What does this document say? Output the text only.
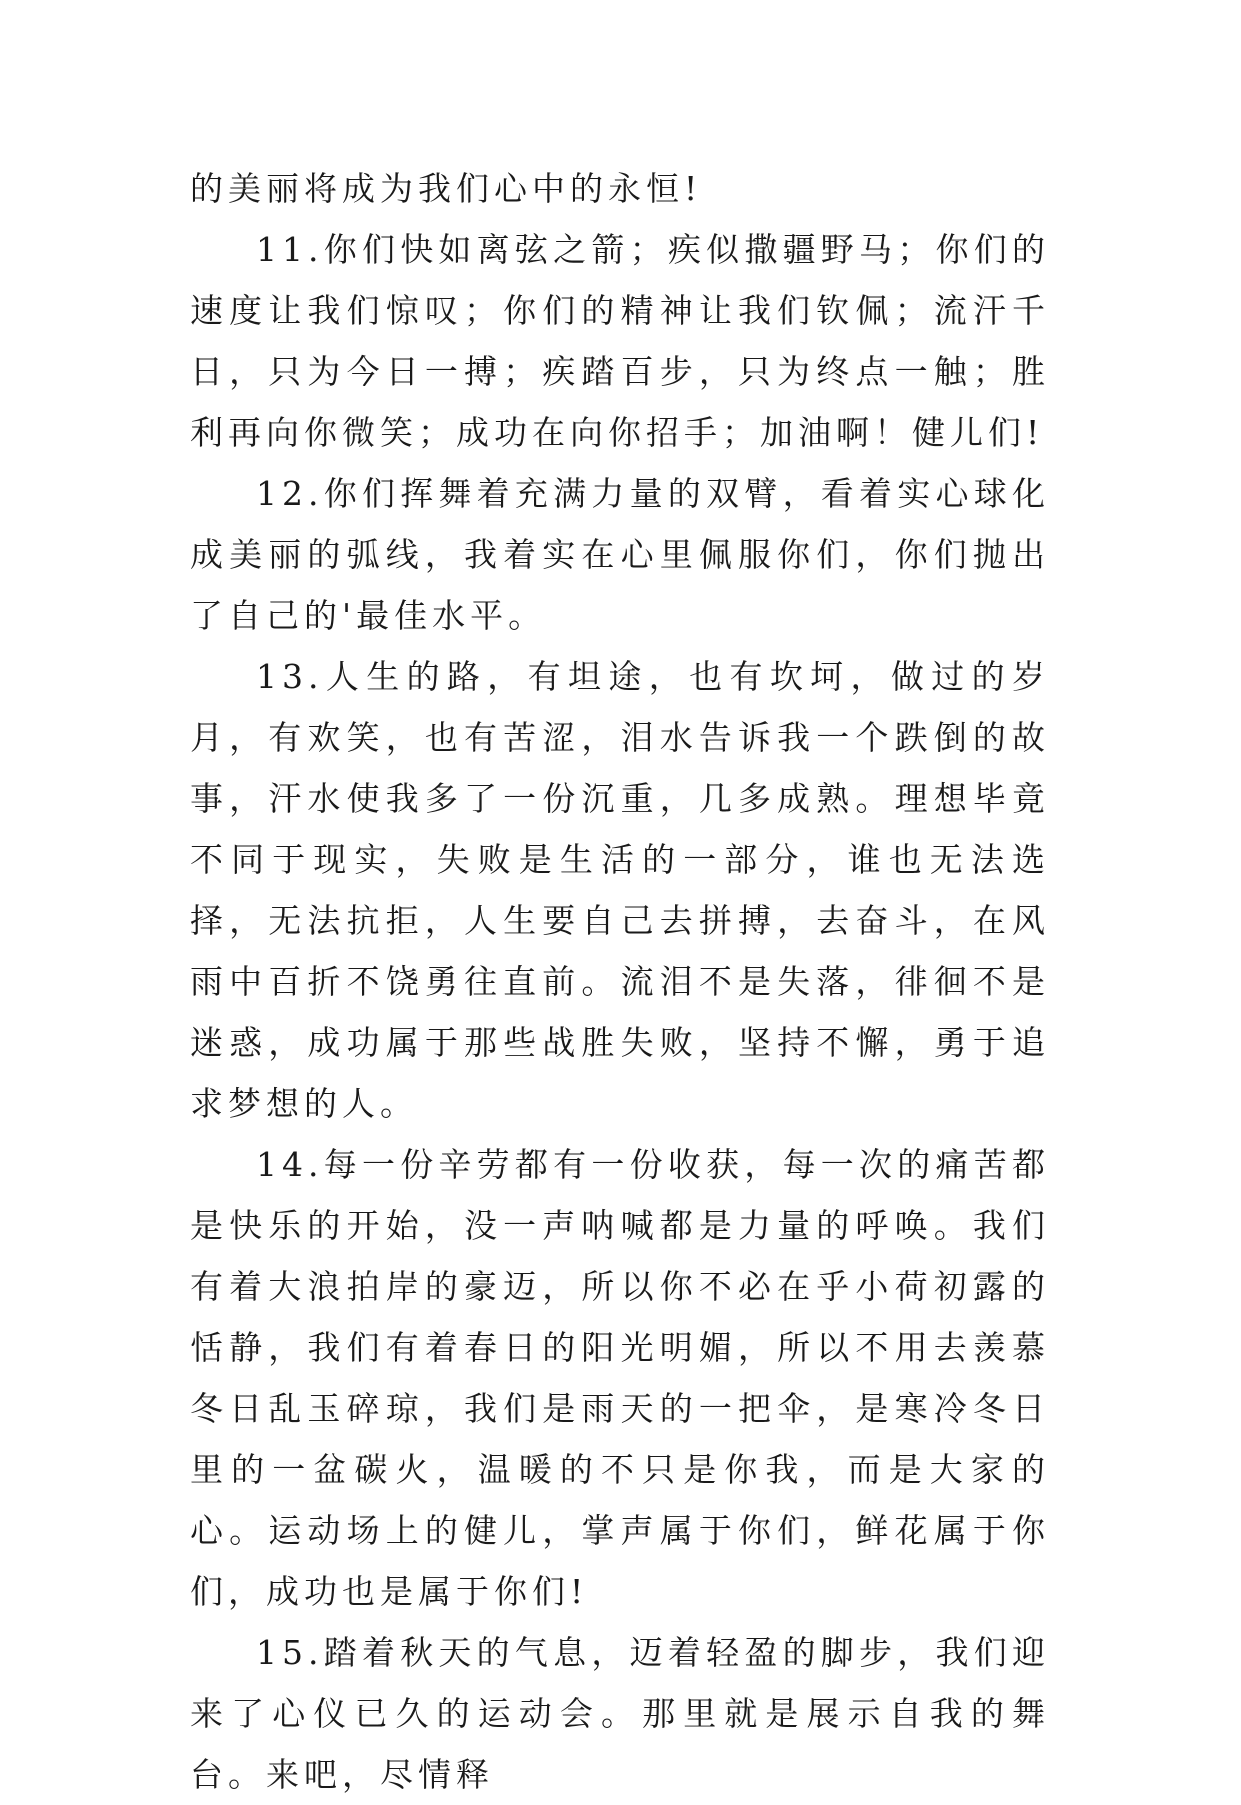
的美丽将成为我们心中的永恒!

11.你们快如离弦之箭；疾似撒疆野马；你们的速度让我们惊叹；你们的精神让我们钦佩；流汗千日，只为今日一搏；疾踏百步，只为终点一触；胜利再向你微笑；成功在向你招手；加油啊！健儿们!

12.你们挥舞着充满力量的双臂，看着实心球化成美丽的弧线，我着实在心里佩服你们，你们抛出了自己的'最佳水平。

13.人生的路，有坦途，也有坎坷，做过的岁月，有欢笑，也有苦涩，泪水告诉我一个跌倒的故事，汗水使我多了一份沉重，几多成熟。理想毕竟不同于现实，失败是生活的一部分，谁也无法选择，无法抗拒，人生要自己去拼搏，去奋斗，在风雨中百折不饶勇往直前。流泪不是失落，徘徊不是迷惑，成功属于那些战胜失败，坚持不懈，勇于追求梦想的人。

14.每一份辛劳都有一份收获，每一次的痛苦都是快乐的开始，没一声呐喊都是力量的呼唤。我们有着大浪拍岸的豪迈，所以你不必在乎小荷初露的恬静，我们有着春日的阳光明媚，所以不用去羡慕冬日乱玉碎琼，我们是雨天的一把伞，是寒冷冬日里的一盆碳火，温暖的不只是你我，而是大家的心。运动场上的健儿，掌声属于你们，鲜花属于你们，成功也是属于你们!

15.踏着秋天的气息，迈着轻盈的脚步，我们迎来了心仪已久的运动会。那里就是展示自我的舞台。来吧，尽情释
